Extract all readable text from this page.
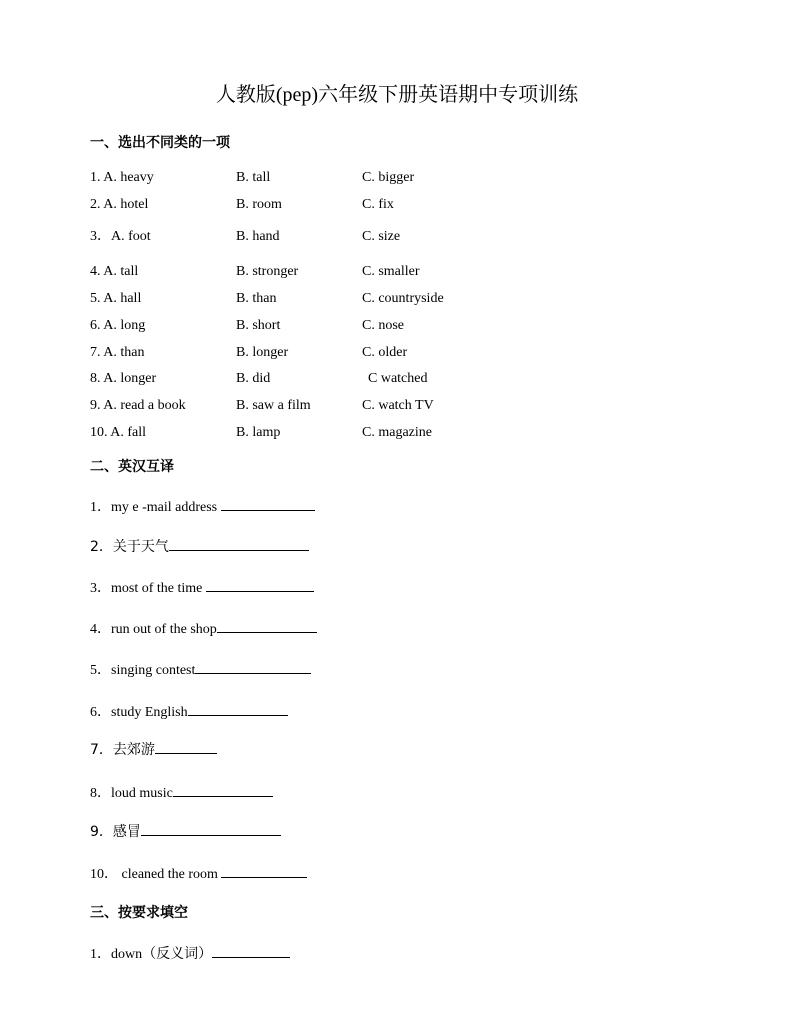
人教版(pep)六年级下册英语期中专项训练
一、选出不同类的一项
1. A. heavy	B. tall	C. bigger
2. A. hotel	B. room	C. fix
3．A. foot	B. hand	C. size
4. A. tall	B. stronger	C. smaller
5. A. hall	B. than	C. countryside
6. A. long	B. short	C. nose
7. A. than	B. longer	C. older
8. A. longer	B. did	C watched
9. A. read a book	B. saw a film	C. watch TV
10. A. fall	B. lamp	C. magazine
二、英汉互译
1．my e -mail address
2．关于天气
3．most of the time
4．run out of the shop
5．singing contest
6．study English
7．去郊游
8．loud music
9．感冒
10． cleaned the room
三、按要求填空
1．down（反义词）
